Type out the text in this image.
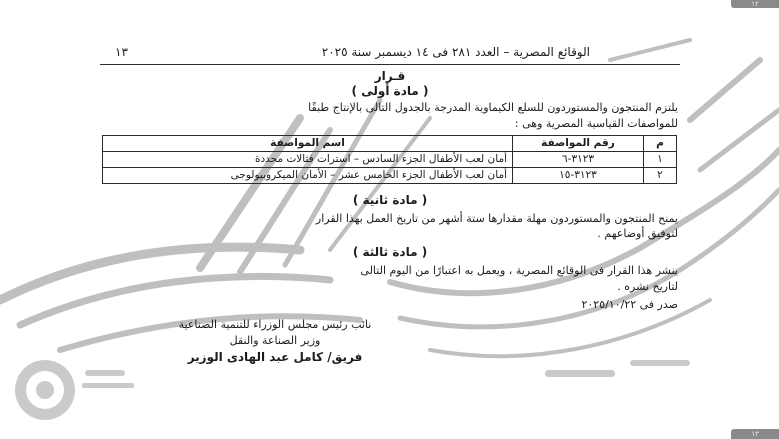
١٢
الوقائع المصرية – العدد ٢٨١ فى ١٤ ديسمبر سنة ٢٠٢٥
١٣
قـرار
( مادة أولى )
يلتزم المنتجون والمستوردون للسلع الكيماوية المدرجة بالجدول التالى بالإنتاج طبقًا
للمواصفات القياسية المصرية وهى :
م	رقم المواصفة	اسم المواصفة
١	٣١٢٣-٦	أمان لعب الأطفال الجزء السادس – استرات فثالات محددة
٢	٣١٢٣-١٥	أمان لعب الأطفال الجزء الخامس عشر – الأمان الميكروبيولوجى
( مادة ثانية )
يمنح المنتجون والمستوردون مهلة مقدارها ستة أشهر من تاريخ العمل بهذا القرار
لتوفيق أوضاعهم .
( مادة ثالثة )
ينشر هذا القرار فى الوقائع المصرية ، ويعمل به اعتبارًا من اليوم التالى
لتاريخ نشره .
صدر فى ٢٠٢٥/١٠/٢٢
نائب رئيس مجلس الوزراء للتنمية الصناعية
وزير الصناعة والنقل
فريق/ كامل عبد الهادى الوزير
١٣
